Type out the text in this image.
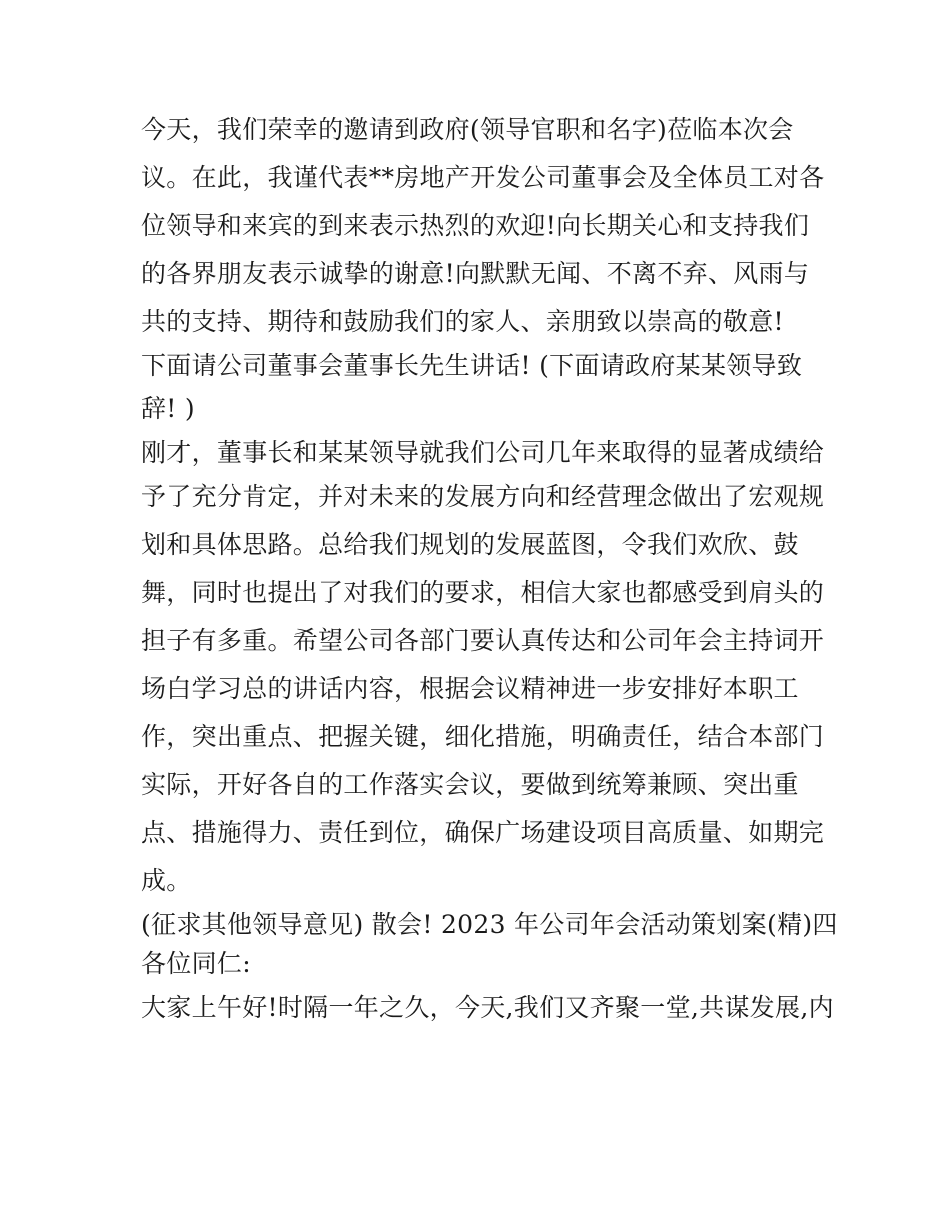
今天，我们荣幸的邀请到政府(领导官职和名字)莅临本次会
议。在此，我谨代表**房地产开发公司董事会及全体员工对各
位领导和来宾的到来表示热烈的欢迎!向长期关心和支持我们
的各界朋友表示诚挚的谢意!向默默无闻、不离不弃、风雨与
共的支持、期待和鼓励我们的家人、亲朋致以崇高的敬意!
下面请公司董事会董事长先生讲话! (下面请政府某某领导致
辞! )
刚才，董事长和某某领导就我们公司几年来取得的显著成绩给
予了充分肯定，并对未来的发展方向和经营理念做出了宏观规
划和具体思路。总给我们规划的发展蓝图，令我们欢欣、鼓
舞，同时也提出了对我们的要求，相信大家也都感受到肩头的
担子有多重。希望公司各部门要认真传达和公司年会主持词开
场白学习总的讲话内容，根据会议精神进一步安排好本职工
作，突出重点、把握关键，细化措施，明确责任，结合本部门
实际，开好各自的工作落实会议，要做到统筹兼顾、突出重
点、措施得力、责任到位，确保广场建设项目高质量、如期完
成。
(征求其他领导意见) 散会! 2023 年公司年会活动策划案(精)四
各位同仁:
大家上午好!时隔一年之久，今天,我们又齐聚一堂,共谋发展,内
